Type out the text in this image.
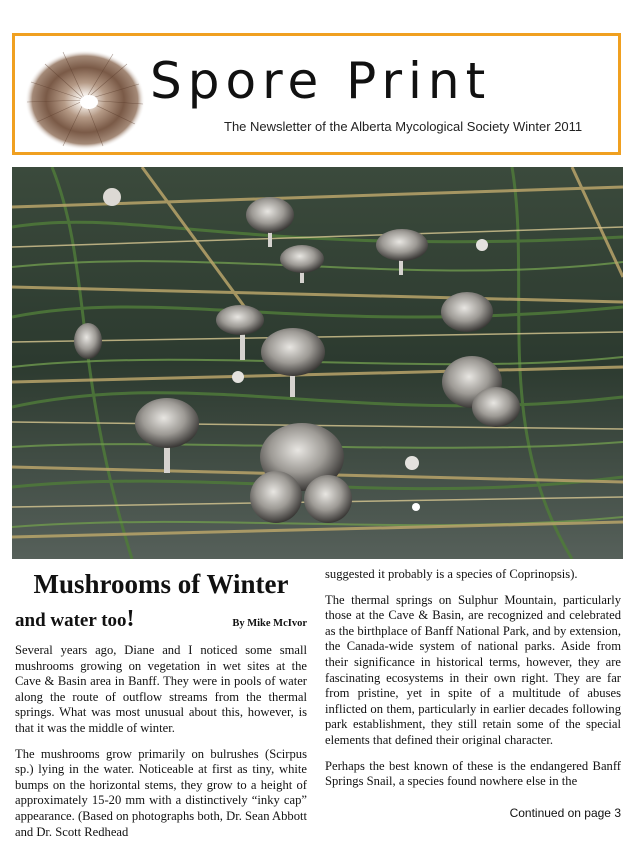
Spore Print
The Newsletter of the Alberta Mycological Society Winter 2011
Mushrooms of Winter
and water too!	By Mike McIvor

Several years ago, Diane and I noticed some small mushrooms growing on vegetation in wet sites at the Cave & Basin area in Banff. They were in pools of water along the route of outflow streams from the thermal springs. What was most unusual about this, however, is that it was the middle of winter.

The mushrooms grow primarily on bulrushes (Scirpus sp.) lying in the water. Noticeable at first as tiny, white bumps on the horizontal stems, they grow to a height of approximately 15-20 mm with a distinctively “inky cap” appearance. (Based on photographs both, Dr. Sean Abbott and Dr. Scott Redhead

suggested it probably is a species of Coprinopsis).

The thermal springs on Sulphur Mountain, particularly those at the Cave & Basin, are recognized and celebrated as the birthplace of Banff National Park, and by extension, the Canada-wide system of national parks. Aside from their significance in historical terms, however, they are fascinating ecosystems in their own right. They are far from pristine, yet in spite of a multitude of abuses inflicted on them, particularly in earlier decades following park establishment, they still retain some of the special elements that defined their original character.

Perhaps the best known of these is the endangered Banff Springs Snail, a species found nowhere else in the

Continued on page 3
